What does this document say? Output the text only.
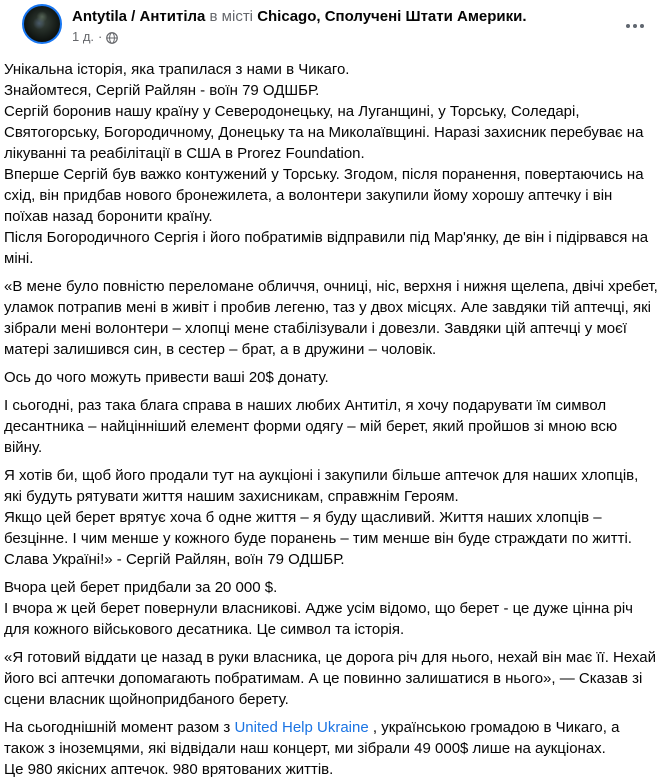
Antytila / Антитіла в місті Chicago, Сполучені Штати Америки.
1 д. ·

Унікальна історія, яка трапилася з нами в Чикаго.

Знайомтеся, Сергій Райлян - воїн 79 ОДШБР.

Сергій боронив нашу країну у Северодонецьку, на Луганщині, у Торську, Соледарі, Святогорську, Богородичному, Донецьку та на Миколаївщині. Наразі захисник перебуває на лікуванні та реабілітації в США в Prorez Foundation.

Вперше Сергій був важко контужений у Торську. Згодом, після поранення, повертаючись на схід, він придбав нового бронежилета, а волонтери закупили йому хорошу аптечку і він поїхав назад боронити країну.

Після Богородичного Сергія і його побратимів відправили під Мар'янку, де він і підірвався на міні.

«В мене було повністю переломане обличчя, очниці, ніс, верхня і нижня щелепа, двічі хребет, уламок потрапив мені в живіт і пробив легеню, таз у двох місцях. Але завдяки тій аптечці, які зібрали мені волонтери – хлопці мене стабілізували і довезли. Завдяки цій аптечці у моєї матері залишився син, в сестер – брат, а в дружини – чоловік.

Ось до чого можуть привести ваші 20$ донату.

І сьогодні, раз така блага справа в наших любих Антитіл, я хочу подарувати їм символ десантника – найцінніший елемент форми одягу – мій берет, який пройшов зі мною всю війну.

Я хотів би, щоб його продали тут на аукціоні і закупили більше аптечок для наших хлопців, які будуть рятувати життя нашим захисникам, справжнім Героям.

Якщо цей берет врятує хоча б одне життя – я буду щасливий. Життя наших хлопців – безцінне. І чим менше у кожного буде поранень – тим менше він буде страждати по житті. Слава Україні!» - Сергій Райлян, воїн 79 ОДШБР.

Вчора цей берет придбали за 20 000 $.

І вчора ж цей берет повернули власникові. Адже усім відомо, що берет - це дуже цінна річ для кожного військового десатника. Це символ та історія.

«Я готовий віддати це назад в руки власника, це дорога річ для нього, нехай він має її. Нехай його всі аптечки допомагають побратимам. А це повинно залишатися в нього», — Сказав зі сцени власник щойнопридбаного берету.

На сьогоднішній момент разом з United Help Ukraine , українською громадою в Чикаго, а також з іноземцями, які відвідали наш концерт, ми зібрали 49 000$ лише на аукціонах.

Це 980 якісних аптечок. 980 врятованих життів.
